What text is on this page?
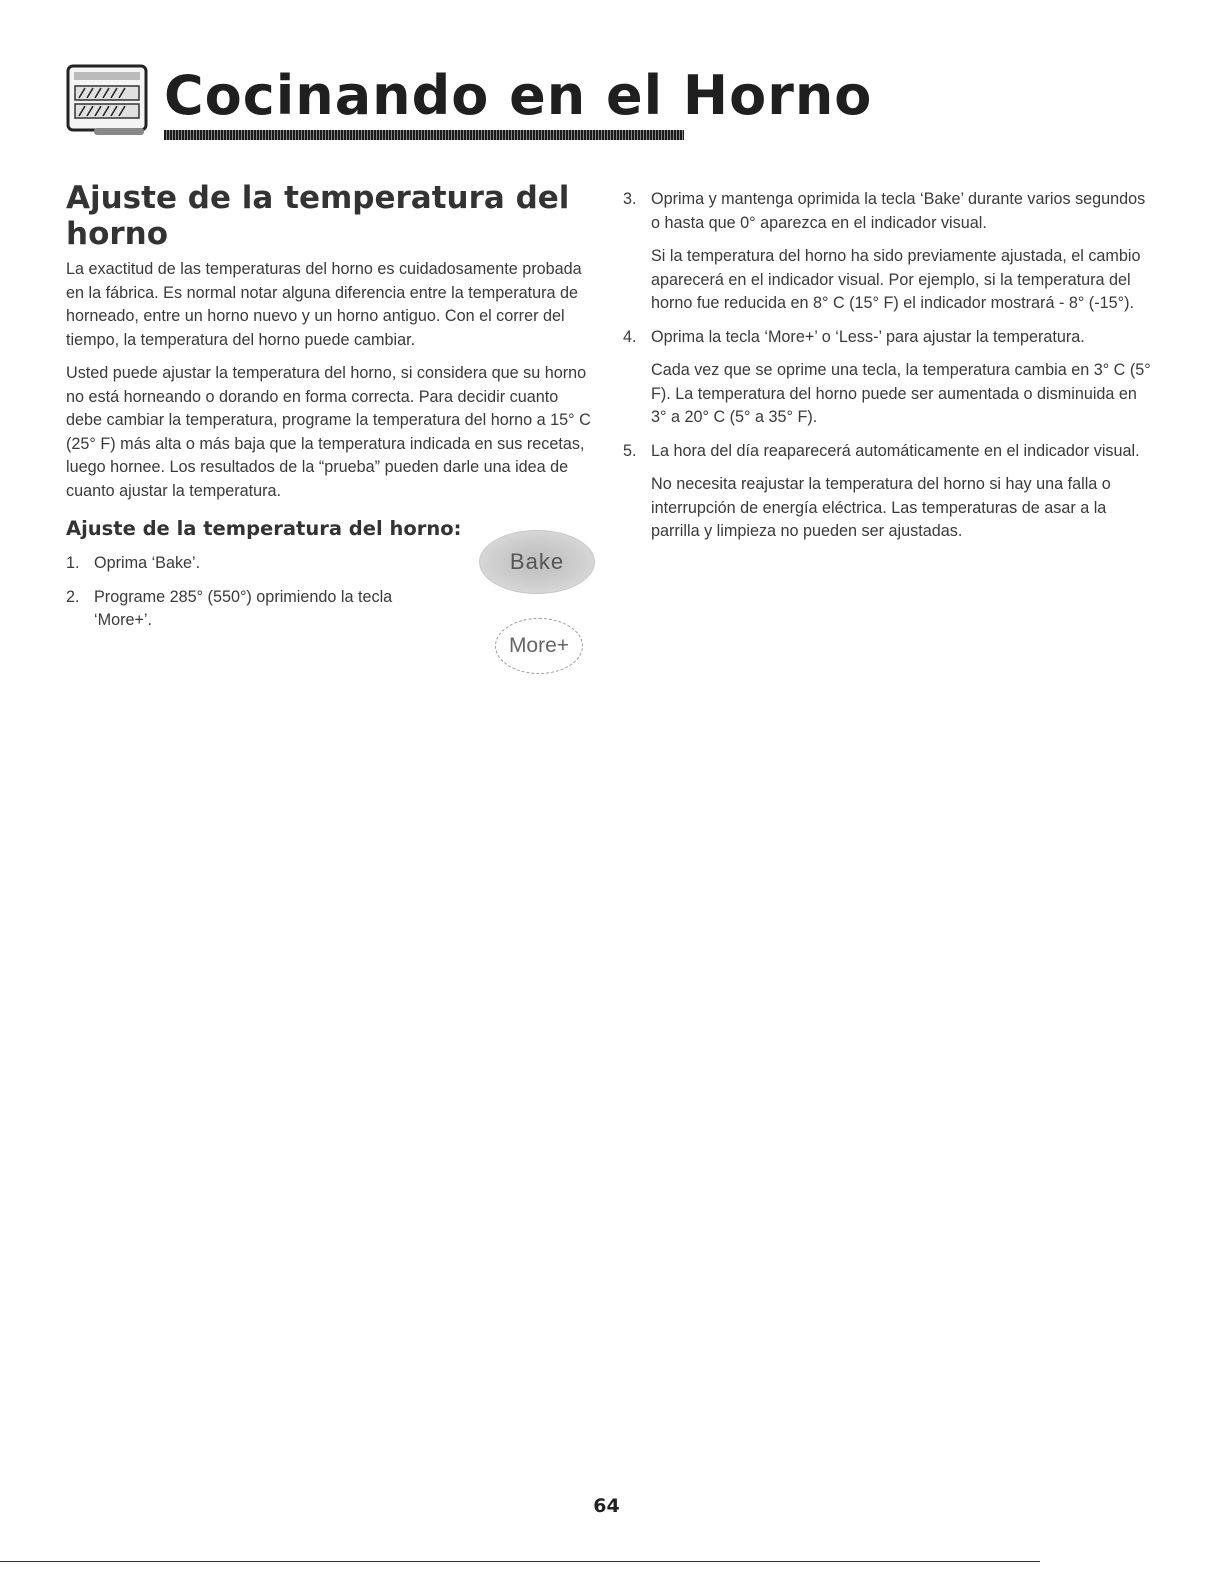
Cocinando en el Horno
Ajuste de la temperatura del horno

La exactitud de las temperaturas del horno es cuidadosamente probada en la fábrica. Es normal notar alguna diferencia entre la temperatura de horneado, entre un horno nuevo y un horno antiguo. Con el correr del tiempo, la temperatura del horno puede cambiar.

Usted puede ajustar la temperatura del horno, si considera que su horno no está horneando o dorando en forma correcta. Para decidir cuanto debe cambiar la temperatura, programe la temperatura del horno a 15° C (25° F) más alta o más baja que la temperatura indicada en sus recetas, luego hornee. Los resultados de la “prueba” pueden darle una idea de cuanto ajustar la temperatura.

Ajuste de la temperatura del horno:
1. Oprima ‘Bake’.
2. Programe 285° (550°) oprimiendo la tecla ‘More+’.
Bake
More+
3. Oprima y mantenga oprimida la tecla ‘Bake’ durante varios segundos o hasta que 0° aparezca en el indicador visual.

Si la temperatura del horno ha sido previamente ajustada, el cambio aparecerá en el indicador visual. Por ejemplo, si la temperatura del horno fue reducida en 8° C (15° F) el indicador mostrará - 8° (-15°).

4. Oprima la tecla ‘More+’ o ‘Less-’ para ajustar la temperatura.

Cada vez que se oprime una tecla, la temperatura cambia en 3° C (5° F). La temperatura del horno puede ser aumentada o disminuida en 3° a 20° C (5° a 35° F).

5. La hora del día reaparecerá automáticamente en el indicador visual.

No necesita reajustar la temperatura del horno si hay una falla o interrupción de energía eléctrica. Las temperaturas de asar a la parrilla y limpieza no pueden ser ajustadas.

64
